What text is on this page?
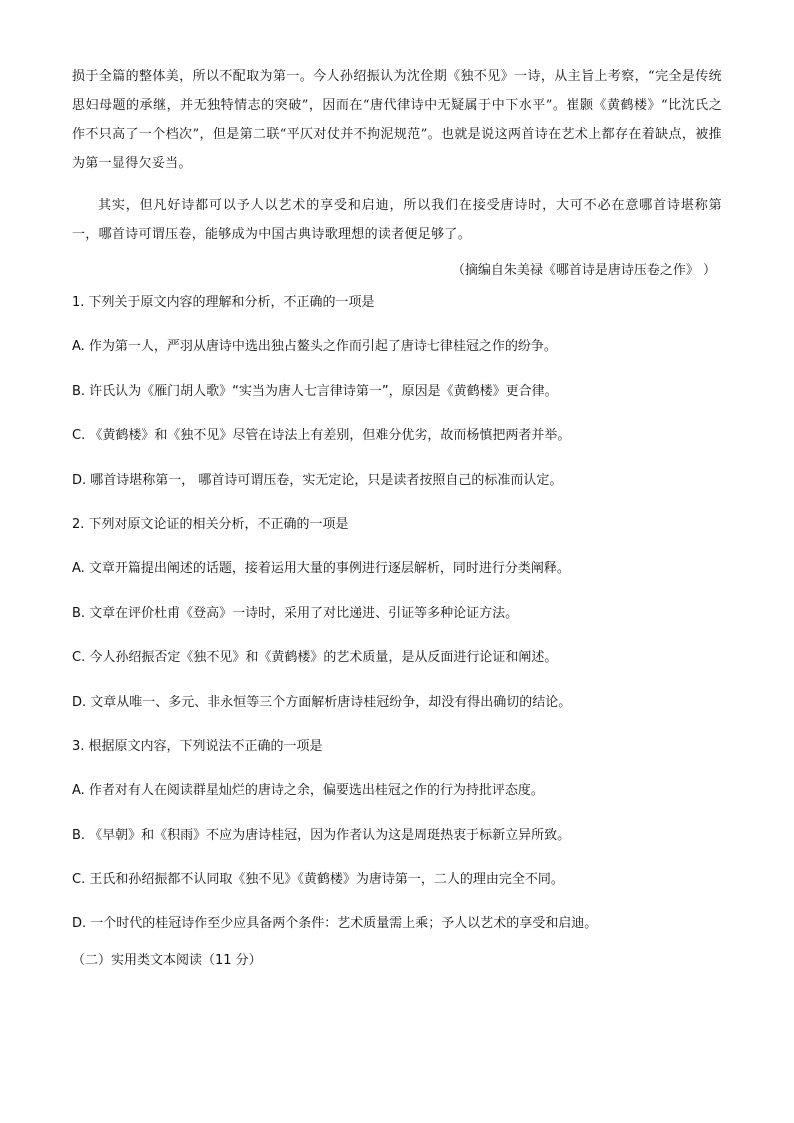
损于全篇的整体美，所以不配取为第一。今人孙绍振认为沈佺期《独不见》一诗，从主旨上考察，“完全是传统思妇母题的承继，并无独特情志的突破”，因而在“唐代律诗中无疑属于中下水平”。崔颢《黄鹤楼》“比沈氏之作不只高了一个档次”，但是第二联“平仄对仗并不拘泥规范”。也就是说这两首诗在艺术上都存在着缺点，被推为第一显得欠妥当。

其实，但凡好诗都可以予人以艺术的享受和启迪，所以我们在接受唐诗时，大可不必在意哪首诗堪称第一，哪首诗可谓压卷，能够成为中国古典诗歌理想的读者便足够了。

（摘编自朱美禄《哪首诗是唐诗压卷之作》 ）
1. 下列关于原文内容的理解和分析，不正确的一项是
A. 作为第一人，严羽从唐诗中选出独占鳌头之作而引起了唐诗七律桂冠之作的纷争。
B. 许氏认为《雁门胡人歌》“实当为唐人七言律诗第一”，原因是《黄鹤楼》更合律。
C. 《黄鹤楼》和《独不见》尽管在诗法上有差别，但难分优劣，故而杨慎把两者并举。
D. 哪首诗堪称第一， 哪首诗可谓压卷，实无定论，只是读者按照自己的标准而认定。
2. 下列对原文论证的相关分析，不正确的一项是
A. 文章开篇提出阐述的话题，接着运用大量的事例进行逐层解析，同时进行分类阐释。
B. 文章在评价杜甫《登高》一诗时，采用了对比递进、引证等多种论证方法。
C. 今人孙绍振否定《独不见》和《黄鹤楼》的艺术质量，是从反面进行论证和阐述。
D. 文章从唯一、多元、非永恒等三个方面解析唐诗桂冠纷争，却没有得出确切的结论。
3. 根据原文内容，下列说法不正确的一项是
A. 作者对有人在阅读群星灿烂的唐诗之余，偏要选出桂冠之作的行为持批评态度。
B. 《早朝》和《积雨》不应为唐诗桂冠，因为作者认为这是周珽热衷于标新立异所致。
C. 王氏和孙绍振都不认同取《独不见》《黄鹤楼》为唐诗第一，二人的理由完全不同。
D. 一个时代的桂冠诗作至少应具备两个条件：艺术质量需上乘；予人以艺术的享受和启迪。
（二）实用类文本阅读（11 分）
